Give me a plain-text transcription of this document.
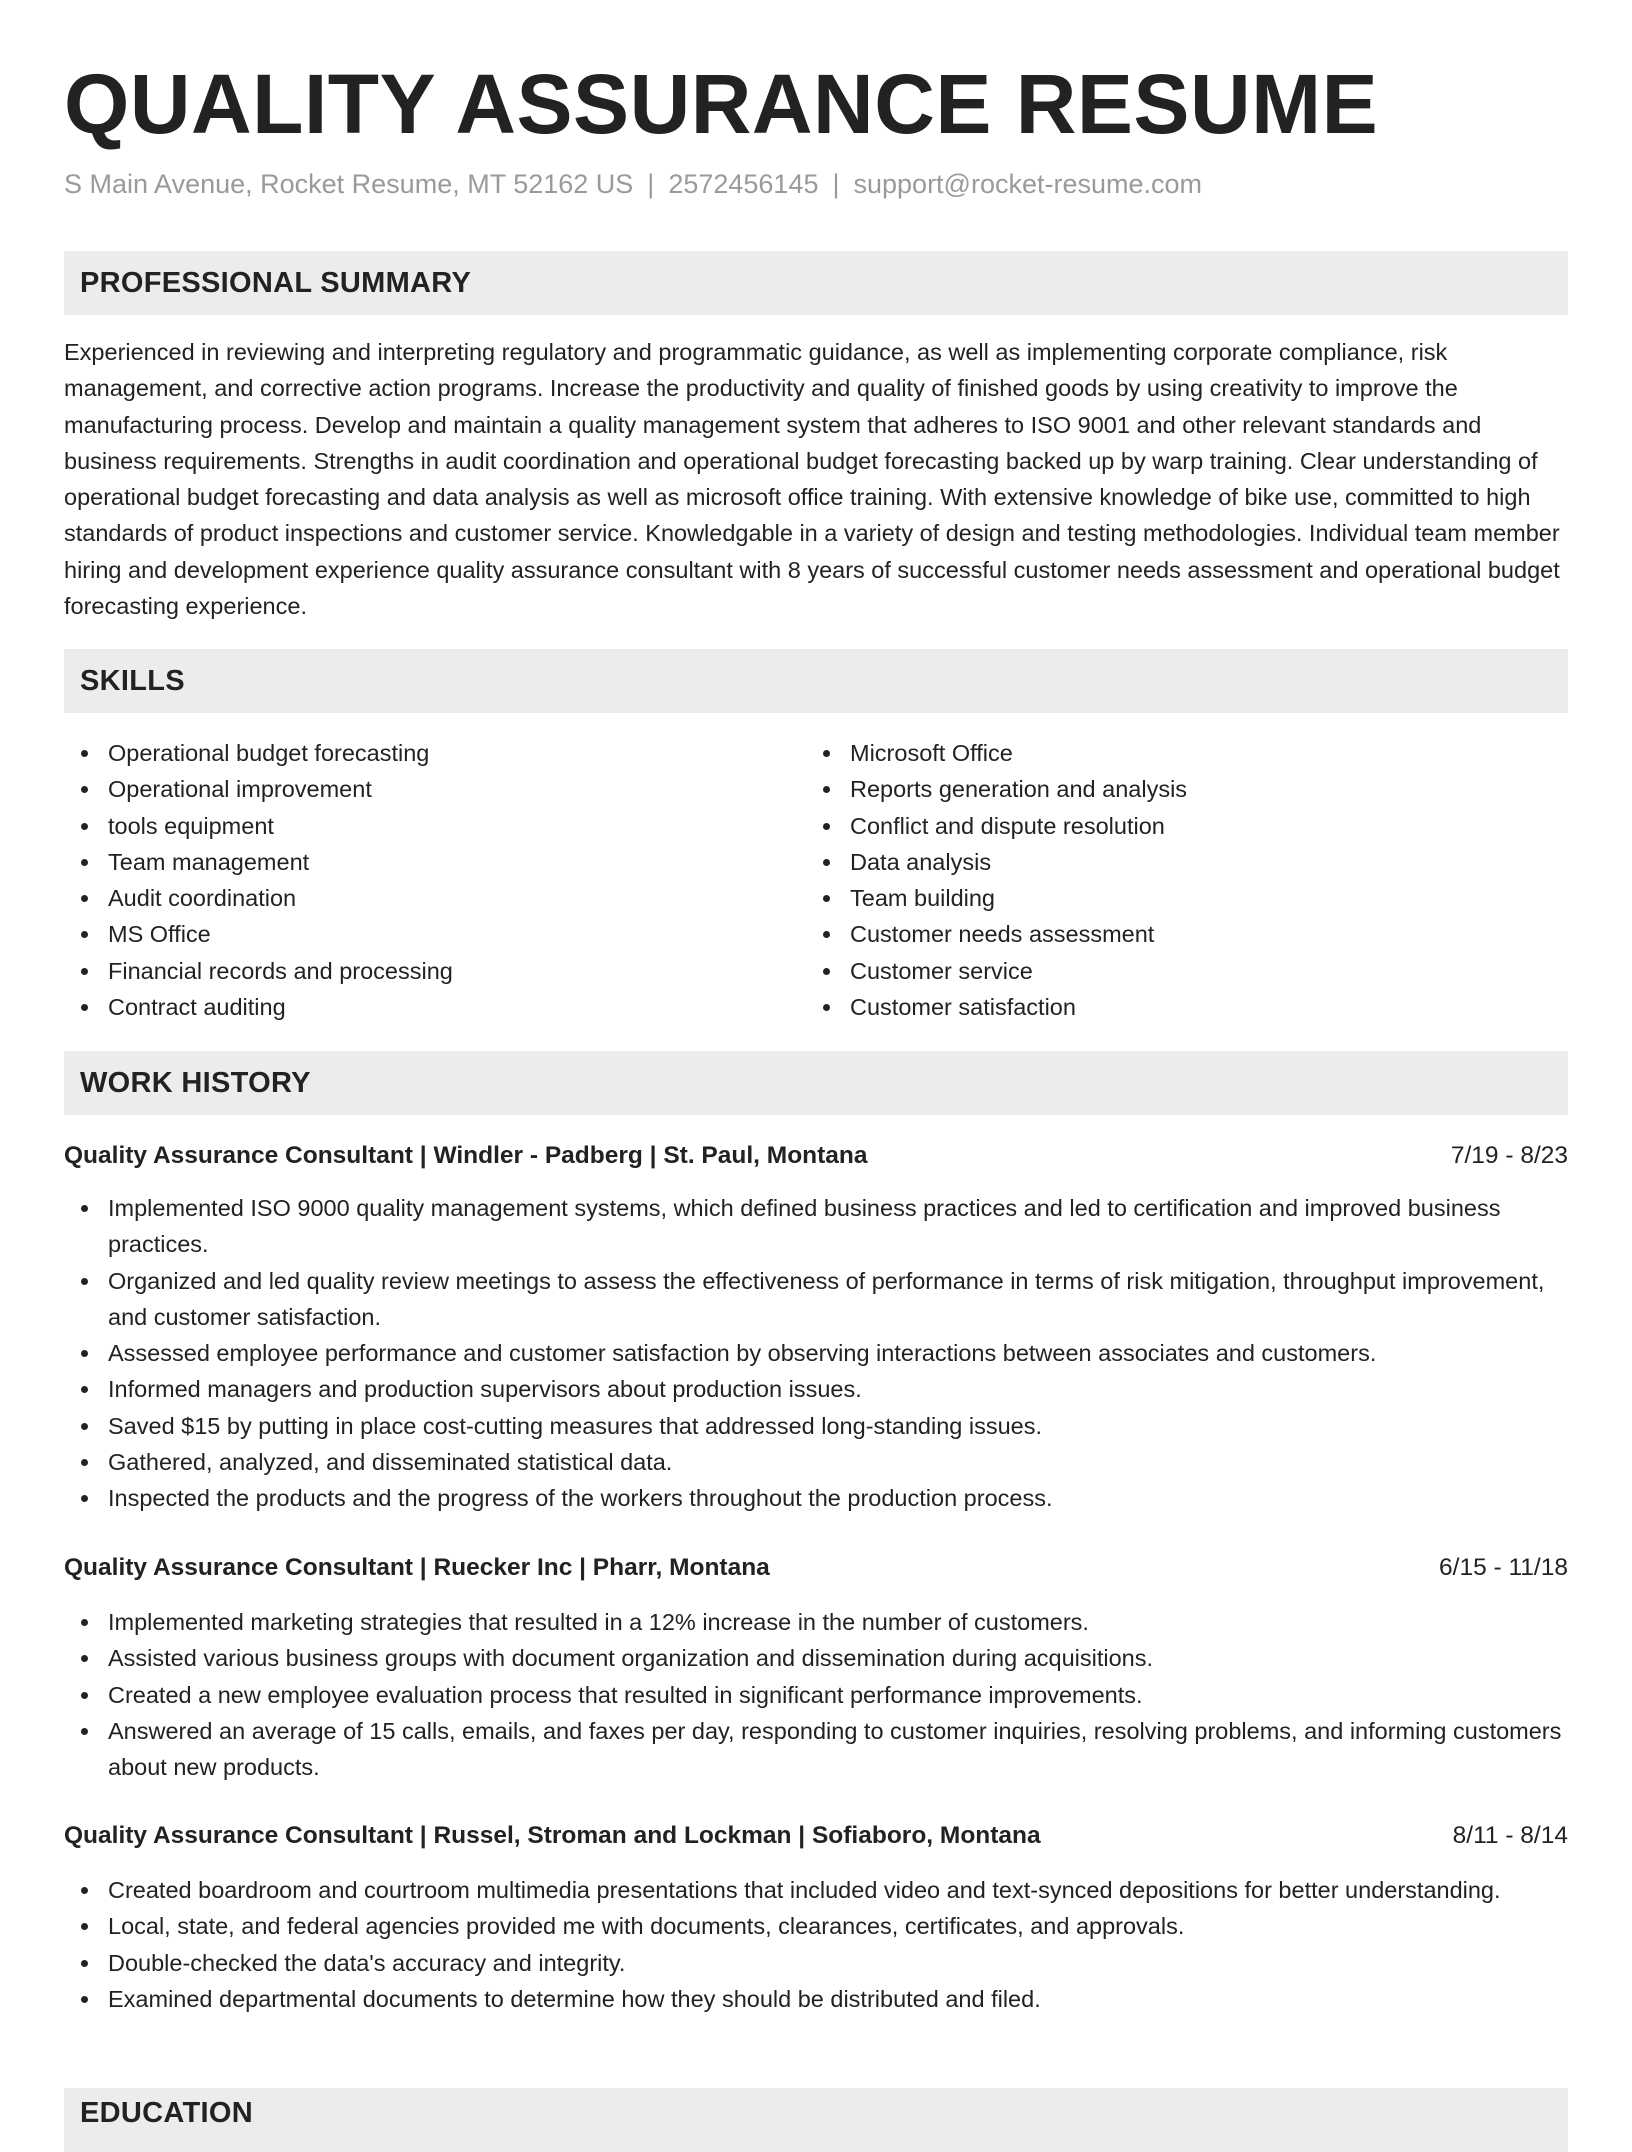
QUALITY ASSURANCE RESUME
S Main Avenue, Rocket Resume, MT 52162 US | 2572456145 | support@rocket-resume.com
PROFESSIONAL SUMMARY

Experienced in reviewing and interpreting regulatory and programmatic guidance, as well as implementing corporate compliance, risk management, and corrective action programs. Increase the productivity and quality of finished goods by using creativity to improve the manufacturing process. Develop and maintain a quality management system that adheres to ISO 9001 and other relevant standards and business requirements. Strengths in audit coordination and operational budget forecasting backed up by warp training. Clear understanding of operational budget forecasting and data analysis as well as microsoft office training. With extensive knowledge of bike use, committed to high standards of product inspections and customer service. Knowledgable in a variety of design and testing methodologies. Individual team member hiring and development experience quality assurance consultant with 8 years of successful customer needs assessment and operational budget forecasting experience.

SKILLS
Operational budget forecasting
Operational improvement
tools equipment
Team management
Audit coordination
MS Office
Financial records and processing
Contract auditing
Microsoft Office
Reports generation and analysis
Conflict and dispute resolution
Data analysis
Team building
Customer needs assessment
Customer service
Customer satisfaction
WORK HISTORY
Quality Assurance Consultant | Windler - Padberg | St. Paul, Montana	7/19 - 8/23
Implemented ISO 9000 quality management systems, which defined business practices and led to certification and improved business practices.
Organized and led quality review meetings to assess the effectiveness of performance in terms of risk mitigation, throughput improvement, and customer satisfaction.
Assessed employee performance and customer satisfaction by observing interactions between associates and customers.
Informed managers and production supervisors about production issues.
Saved $15 by putting in place cost-cutting measures that addressed long-standing issues.
Gathered, analyzed, and disseminated statistical data.
Inspected the products and the progress of the workers throughout the production process.
Quality Assurance Consultant | Ruecker Inc | Pharr, Montana	6/15 - 11/18
Implemented marketing strategies that resulted in a 12% increase in the number of customers.
Assisted various business groups with document organization and dissemination during acquisitions.
Created a new employee evaluation process that resulted in significant performance improvements.
Answered an average of 15 calls, emails, and faxes per day, responding to customer inquiries, resolving problems, and informing customers about new products.
Quality Assurance Consultant | Russel, Stroman and Lockman | Sofiaboro, Montana	8/11 - 8/14
Created boardroom and courtroom multimedia presentations that included video and text-synced depositions for better understanding.
Local, state, and federal agencies provided me with documents, clearances, certificates, and approvals.
Double-checked the data's accuracy and integrity.
Examined departmental documents to determine how they should be distributed and filed.
EDUCATION
